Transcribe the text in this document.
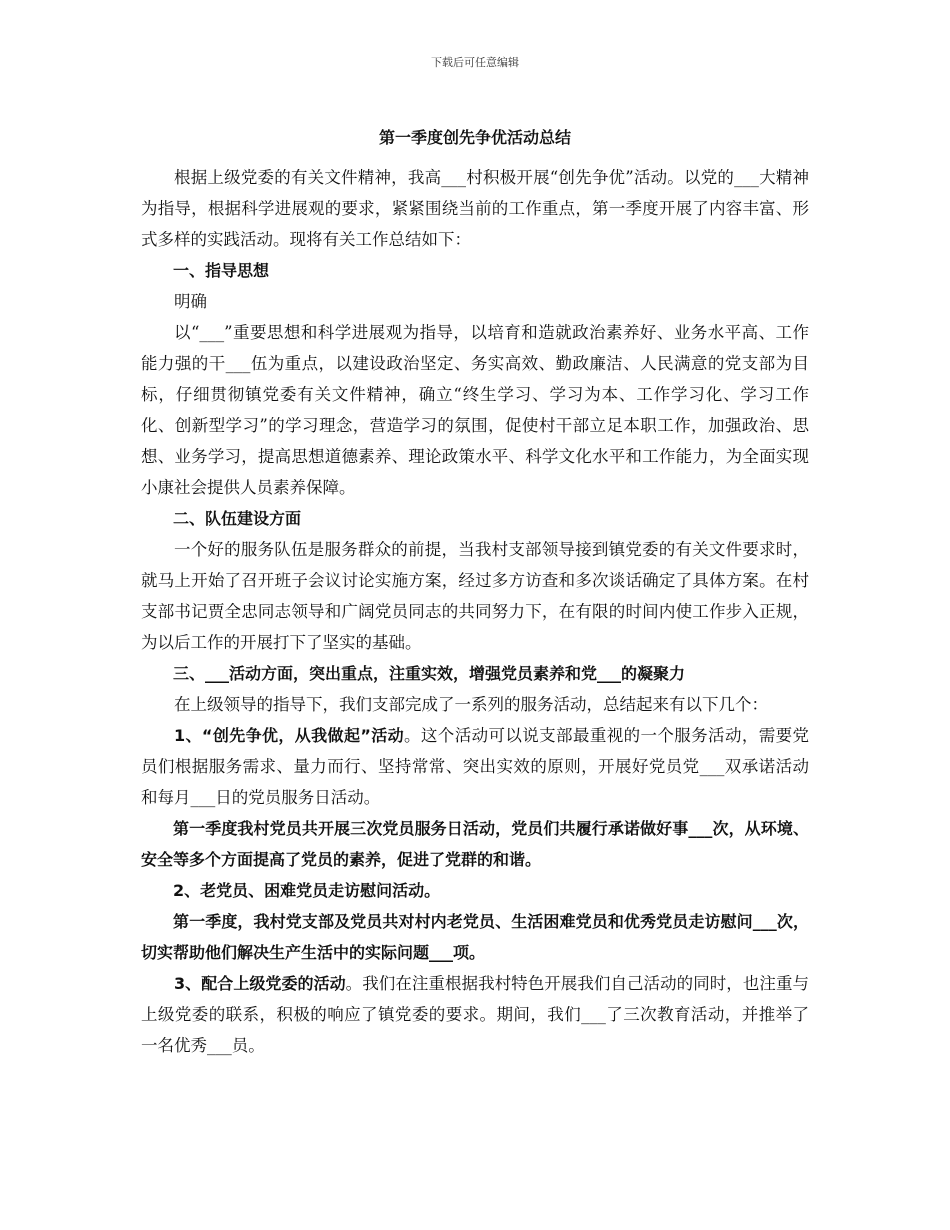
下载后可任意编辑
第一季度创先争优活动总结

根据上级党委的有关文件精神，我高___村积极开展“创先争优”活动。以党的___大精神为指导，根据科学进展观的要求，紧紧围绕当前的工作重点，第一季度开展了内容丰富、形式多样的实践活动。现将有关工作总结如下：

一、指导思想

明确

以“___”重要思想和科学进展观为指导，以培育和造就政治素养好、业务水平高、工作能力强的干___伍为重点，以建设政治坚定、务实高效、勤政廉洁、人民满意的党支部为目标，仔细贯彻镇党委有关文件精神，确立“终生学习、学习为本、工作学习化、学习工作化、创新型学习”的学习理念，营造学习的氛围，促使村干部立足本职工作，加强政治、思想、业务学习，提高思想道德素养、理论政策水平、科学文化水平和工作能力，为全面实现小康社会提供人员素养保障。

二、队伍建设方面

一个好的服务队伍是服务群众的前提，当我村支部领导接到镇党委的有关文件要求时，就马上开始了召开班子会议讨论实施方案，经过多方访查和多次谈话确定了具体方案。在村支部书记贾全忠同志领导和广阔党员同志的共同努力下，在有限的时间内使工作步入正规，为以后工作的开展打下了坚实的基础。

三、___活动方面，突出重点，注重实效，增强党员素养和党___的凝聚力

在上级领导的指导下，我们支部完成了一系列的服务活动，总结起来有以下几个：

1、“创先争优，从我做起”活动。这个活动可以说支部最重视的一个服务活动，需要党员们根据服务需求、量力而行、坚持常常、突出实效的原则，开展好党员党___双承诺活动和每月___日的党员服务日活动。

第一季度我村党员共开展三次党员服务日活动，党员们共履行承诺做好事___次，从环境、安全等多个方面提高了党员的素养，促进了党群的和谐。

2、老党员、困难党员走访慰问活动。

第一季度，我村党支部及党员共对村内老党员、生活困难党员和优秀党员走访慰问___次，切实帮助他们解决生产生活中的实际问题___项。

3、配合上级党委的活动。我们在注重根据我村特色开展我们自己活动的同时，也注重与上级党委的联系，积极的响应了镇党委的要求。期间，我们___了三次教育活动，并推举了一名优秀___员。
